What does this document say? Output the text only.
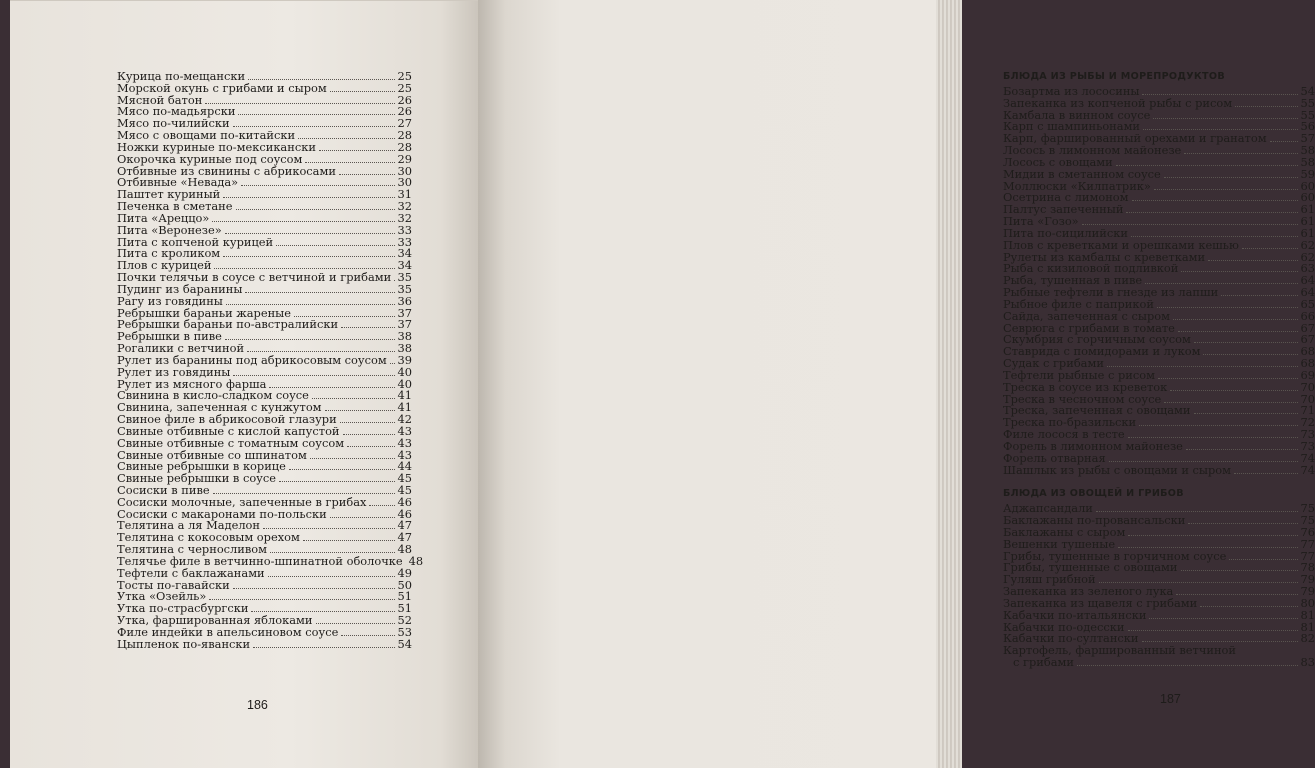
Курица по-мещански	25
Морской окунь с грибами и сыром	25
Мясной батон	26
Мясо по-мадьярски	26
Мясо по-чилийски	27
Мясо с овощами по-китайски	28
Ножки куриные по-мексикански	28
Окорочка куриные под соусом	29
Отбивные из свинины с абрикосами	30
Отбивные «Невада»	30
Паштет куриный	31
Печенка в сметане	32
Пита «Ареццо»	32
Пита «Веронезе»	33
Пита с копченой курицей	33
Пита с кроликом	34
Плов с курицей	34
Почки телячьи в соусе с ветчиной и грибами 35
Пудинг из баранины	35
Рагу из говядины	36
Ребрышки бараньи жареные	37
Ребрышки бараньи по-австралийски	37
Ребрышки в пиве	38
Рогалики с ветчиной	38
Рулет из баранины под абрикосовым соусом 39
Рулет из говядины	40
Рулет из мясного фарша	40
Свинина в кисло-сладком соусе	41
Свинина, запеченная с кунжутом	41
Свиное филе в абрикосовой глазури	42
Свиные отбивные с кислой капустой	43
Свиные отбивные с томатным соусом	43
Свиные отбивные со шпинатом	43
Свиные ребрышки в корице	44
Свиные ребрышки в соусе	45
Сосиски в пиве	45
Сосиски молочные, запеченные в грибах	46
Сосиски с макаронами по-польски	46
Телятина а ля Маделон	47
Телятина с кокосовым орехом	47
Телятина с черносливом	48
Телячье филе в ветчинно-шпинатной оболочке 48
Тефтели с баклажанами	49
Тосты по-гавайски	50
Утка «Озейль»	51
Утка по-страсбургски	51
Утка, фаршированная яблоками	52
Филе индейки в апельсиновом соусе	53
Цыпленок по-явански	54
186
БЛЮДА ИЗ РЫБЫ И МОРЕПРОДУКТОВ
Бозартма из лососины	54
Запеканка из копченой рыбы с рисом	55
Камбала в винном соусе	55
Карп с шампиньонами	56
Карп, фаршированный орехами и гранатом	57
Лосось в лимонном майонезе	58
Лосось с овощами	58
Мидии в сметанном соусе	59
Моллюски «Килпатрик»	60
Осетрина с лимоном	60
Палтус запеченный	61
Пита «Гозо»	61
Пита по-сицилийски	61
Плов с креветками и орешками кешью	62
Рулеты из камбалы с креветками	62
Рыба с кизиловой подливкой	63
Рыба, тушенная в пиве	64
Рыбные тефтели в гнезде из лапши	64
Рыбное филе с паприкой	65
Сайда, запеченная с сыром	66
Севрюга с грибами в томате	67
Скумбрия с горчичным соусом	67
Ставрида с помидорами и луком	68
Судак с грибами	68
Тефтели рыбные с рисом	69
Треска в соусе из креветок	70
Треска в чесночном соусе	70
Треска, запеченная с овощами	71
Треска по-бразильски	72
Филе лосося в тесте	73
Форель в лимонном майонезе	73
Форель отварная	74
Шашлык из рыбы с овощами и сыром	74
БЛЮДА ИЗ ОВОЩЕЙ И ГРИБОВ
Аджапсандали	75
Баклажаны по-провансальски	75
Баклажаны с сыром	76
Вешенки тушеные	77
Грибы, тушенные в горчичном соусе	77
Грибы, тушенные с овощами	78
Гуляш грибной	79
Запеканка из зеленого лука	79
Запеканка из щавеля с грибами	80
Кабачки по-итальянски	81
Кабачки по-одесски	81
Кабачки по-султански	82
Картофель, фаршированный ветчиной
с грибами	83
187
